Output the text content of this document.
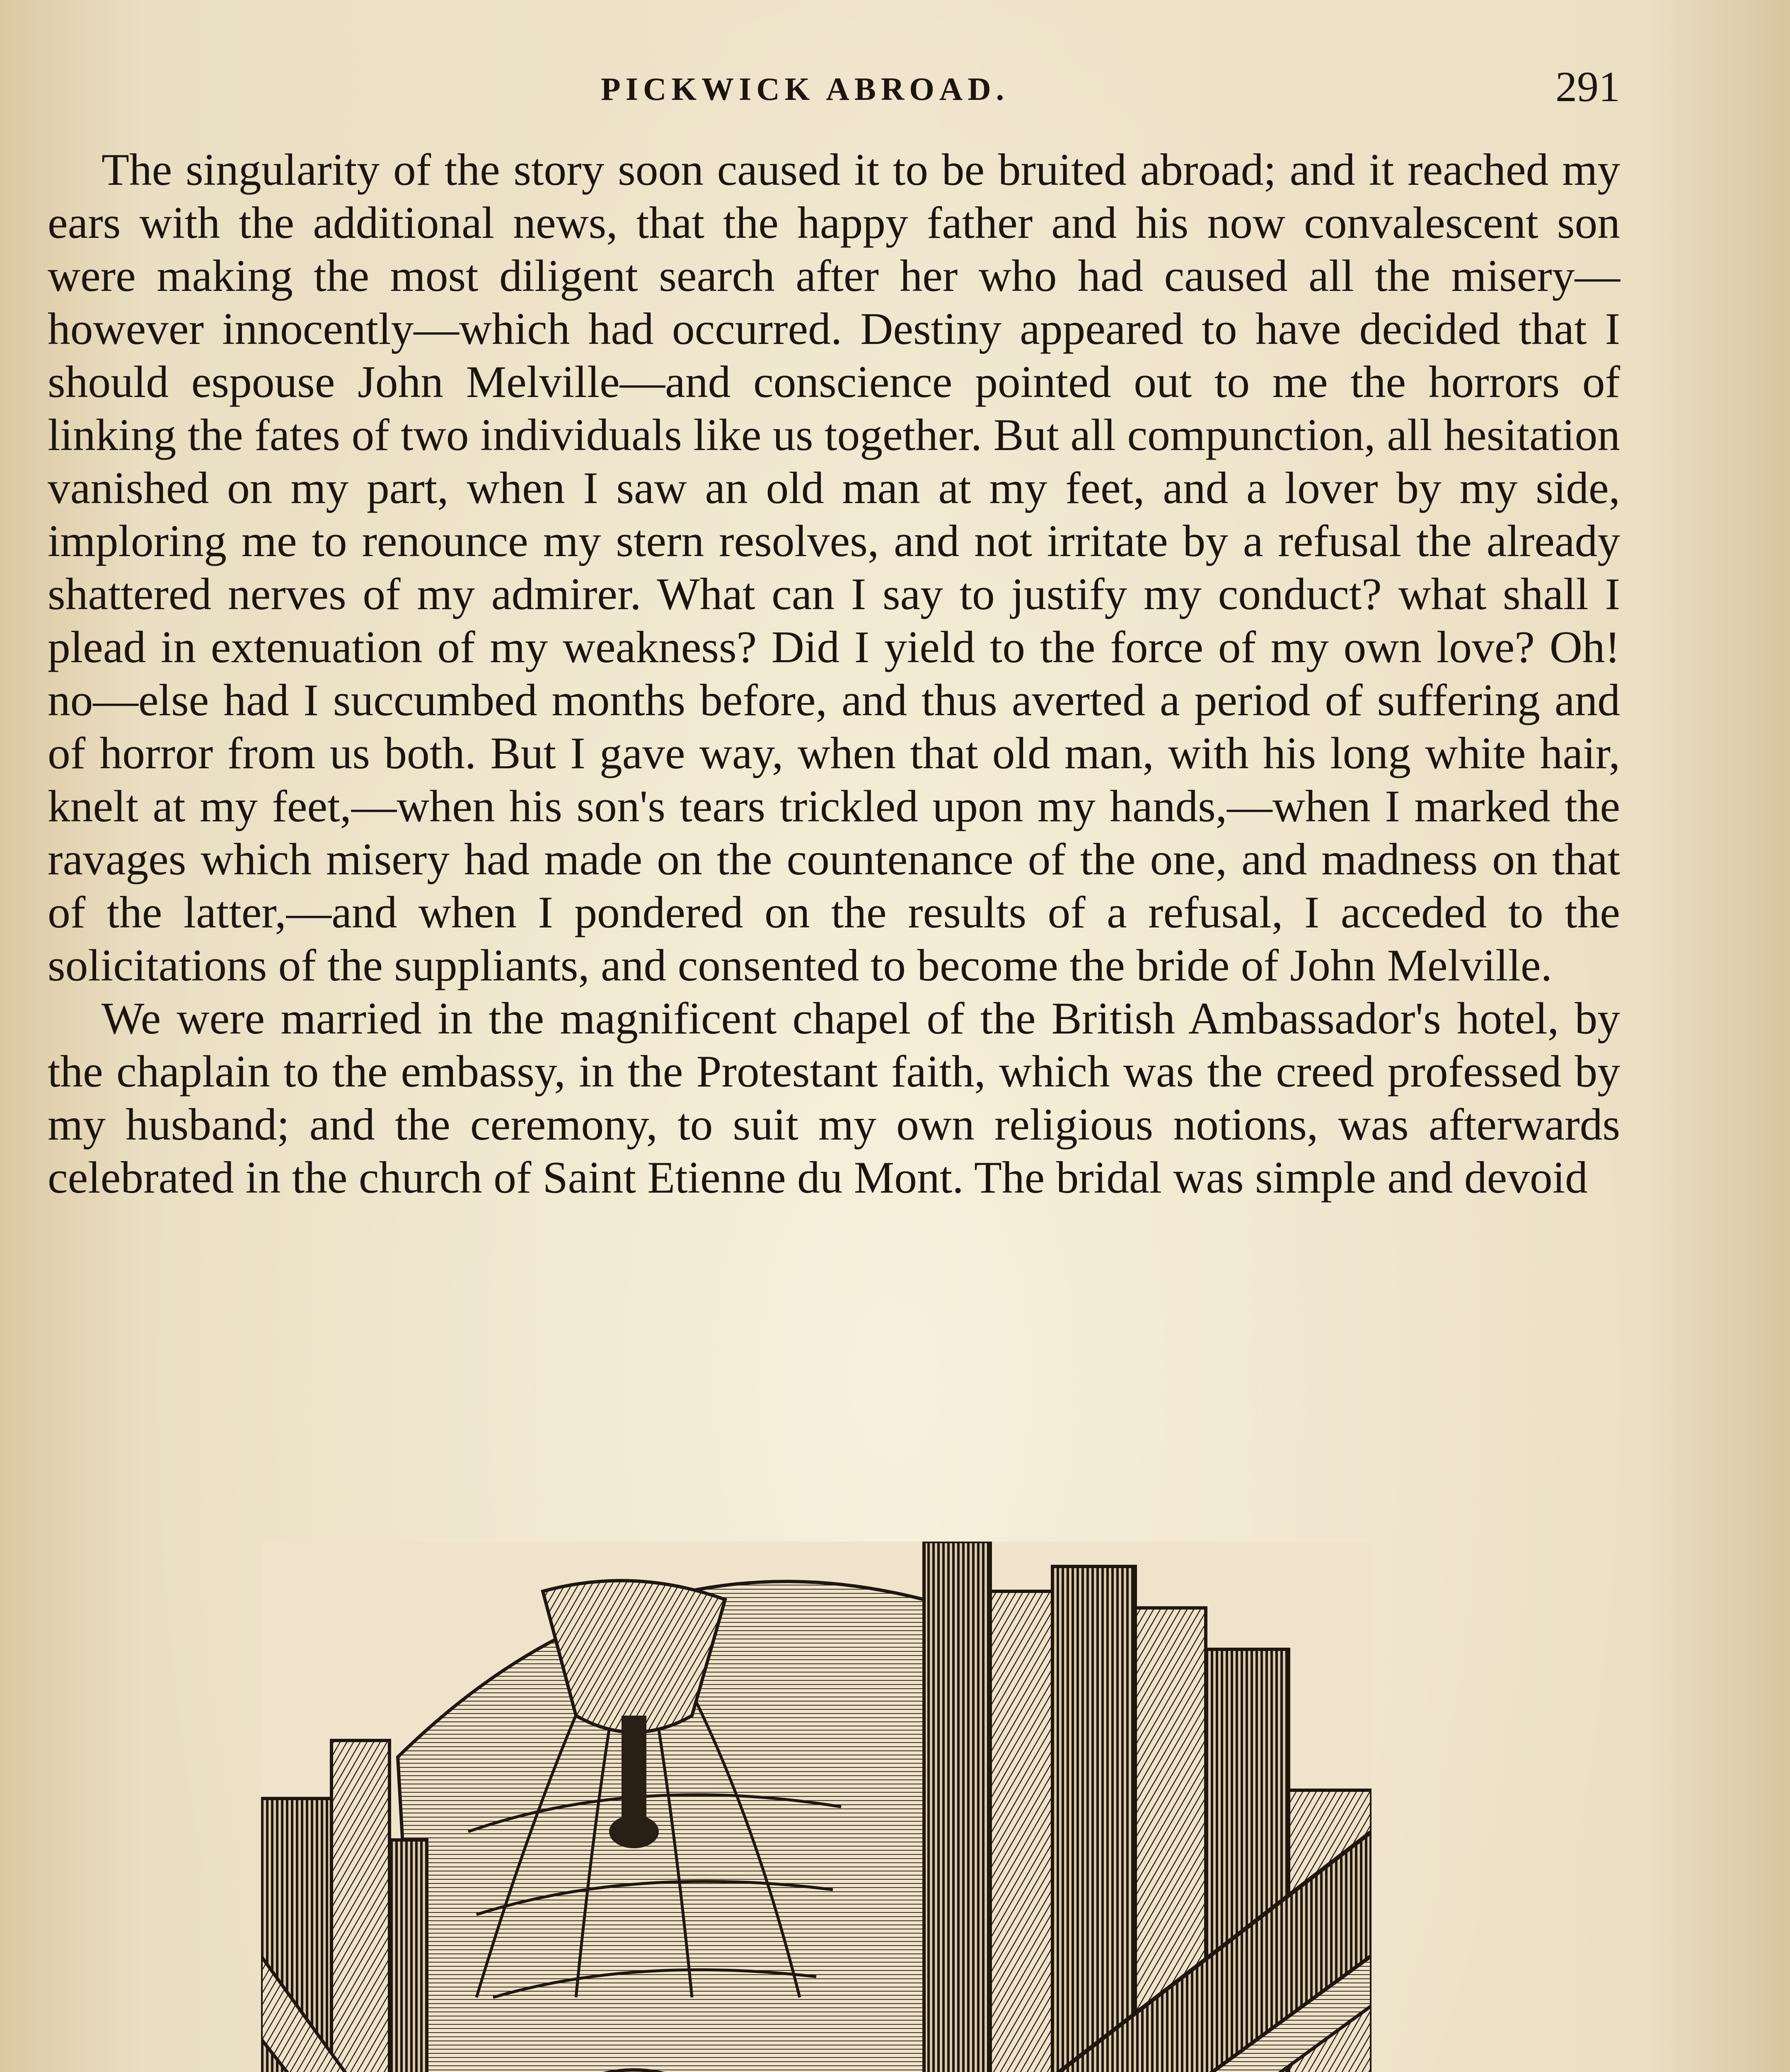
PICKWICK ABROAD.	291

The singularity of the story soon caused it to be bruited abroad; and it reached my ears with the additional news, that the happy father and his now convalescent son were making the most diligent search after her who had caused all the misery—however innocently—which had occurred. Destiny appeared to have decided that I should espouse John Melville—and conscience pointed out to me the horrors of linking the fates of two individuals like us together. But all compunction, all hesitation vanished on my part, when I saw an old man at my feet, and a lover by my side, imploring me to renounce my stern resolves, and not irritate by a refusal the already shattered nerves of my admirer. What can I say to justify my conduct? what shall I plead in extenuation of my weakness? Did I yield to the force of my own love? Oh! no—else had I succumbed months before, and thus averted a period of suffering and of horror from us both. But I gave way, when that old man, with his long white hair, knelt at my feet,—when his son's tears trickled upon my hands,—when I marked the ravages which misery had made on the countenance of the one, and madness on that of the latter,—and when I pondered on the results of a refusal, I acceded to the solicitations of the suppliants, and consented to become the bride of John Melville.

We were married in the magnificent chapel of the British Ambassador's hotel, by the chaplain to the embassy, in the Protestant faith, which was the creed professed by my husband; and the ceremony, to suit my own religious notions, was afterwards celebrated in the church of Saint Etienne du Mont. The bridal was simple and devoid
